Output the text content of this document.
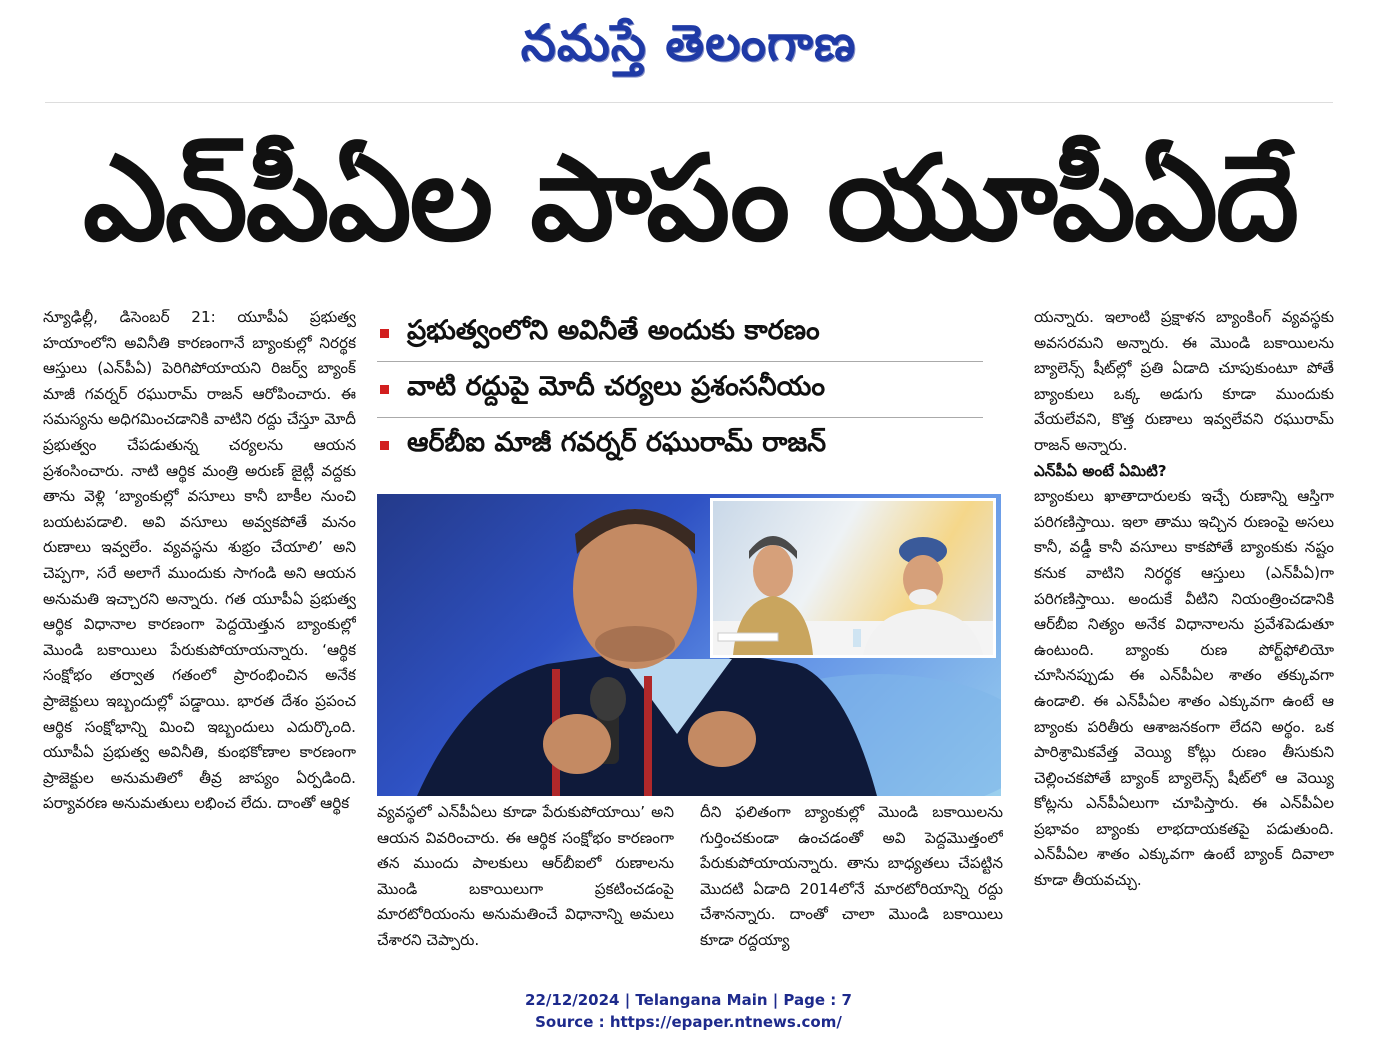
నమస్తే తెలంగాణ
ఎన్‌పీఏల పాపం యూపీఏదే

న్యూఢిల్లీ, డిసెంబర్‌ 21: యూపీఏ ప్రభుత్వ హయాంలోని అవినీతి కారణంగానే బ్యాంకుల్లో నిరర్థక ఆస్తులు (ఎన్‌పీఏ) పెరిగిపోయాయని రిజర్వ్‌ బ్యాంక్‌ మాజీ గవర్నర్‌ రఘురామ్‌ రాజన్‌ ఆరోపించారు. ఈ సమస్యను అధిగమించడానికి వాటిని రద్దు చేస్తూ మోదీ ప్రభుత్వం చేపడుతున్న చర్యలను ఆయన ప్రశంసించారు. నాటి ఆర్థిక మంత్రి అరుణ్‌ జైట్లీ వద్దకు తాను వెళ్లి ‘బ్యాంకుల్లో వసూలు కానీ బాకీల నుంచి బయటపడాలి. అవి వసూలు అవ్వకపోతే మనం రుణాలు ఇవ్వలేం. వ్యవస్థను శుభ్రం చేయాలి’ అని చెప్పగా, సరే అలాగే ముందుకు సాగండి అని ఆయన అనుమతి ఇచ్చారని అన్నారు. గత యూపీఏ ప్రభుత్వ ఆర్థిక విధానాల కారణంగా పెద్దయెత్తున బ్యాంకుల్లో మొండి బకాయిలు పేరుకుపోయాయన్నారు. ‘ఆర్థిక సంక్షోభం తర్వాత గతంలో ప్రారంభించిన అనేక ప్రాజెక్టులు ఇబ్బందుల్లో పడ్డాయి. భారత దేశం ప్రపంచ ఆర్థిక సంక్షోభాన్ని మించి ఇబ్బందులు ఎదుర్కొంది. యూపీఏ ప్రభుత్వ అవినీతి, కుంభకోణాల కారణంగా ప్రాజెక్టుల అనుమతిలో తీవ్ర జాప్యం ఏర్పడింది. పర్యావరణ అనుమతులు లభించ లేదు. దాంతో ఆర్థిక

ప్రభుత్వంలోని అవినీతే అందుకు కారణం
వాటి రద్దుపై మోదీ చర్యలు ప్రశంసనీయం
ఆర్‌బీఐ మాజీ గవర్నర్‌ రఘురామ్‌ రాజన్‌

వ్యవస్థలో ఎన్‌పీఏలు కూడా పేరుకుపోయాయి’ అని ఆయన వివరించారు. ఈ ఆర్థిక సంక్షోభం కారణంగా తన ముందు పాలకులు ఆర్‌బీఐలో రుణాలను మొండి బకాయిలుగా ప్రకటించడంపై మారటోరియంను అనుమతించే విధానాన్ని అమలు చేశారని చెప్పారు.

దీని ఫలితంగా బ్యాంకుల్లో మొండి బకాయిలను గుర్తించకుండా ఉంచడంతో అవి పెద్దమొత్తంలో పేరుకుపోయాయన్నారు. తాను బాధ్యతలు చేపట్టిన మొదటి ఏడాది 2014లోనే మారటోరియాన్ని రద్దు చేశానన్నారు. దాంతో చాలా మొండి బకాయిలు కూడా రద్దయ్యా

యన్నారు. ఇలాంటి ప్రక్షాళన బ్యాంకింగ్‌ వ్యవస్థకు అవసరమని అన్నారు. ఈ మొండి బకాయిలను బ్యాలెన్స్‌ షీట్‌ల్లో ప్రతి ఏడాది చూపుకుంటూ పోతే బ్యాంకులు ఒక్క అడుగు కూడా ముందుకు వేయలేవని, కొత్త రుణాలు ఇవ్వలేవని రఘురామ్‌ రాజన్‌ అన్నారు.

ఎన్‌పీఏ అంటే ఏమిటి?

బ్యాంకులు ఖాతాదారులకు ఇచ్చే రుణాన్ని ఆస్తిగా పరిగణిస్తాయి. ఇలా తాము ఇచ్చిన రుణంపై అసలు కానీ, వడ్డీ కానీ వసూలు కాకపోతే బ్యాంకుకు నష్టం కనుక వాటిని నిరర్థక ఆస్తులు (ఎన్‌పీఏ)గా పరిగణిస్తాయి. అందుకే వీటిని నియంత్రించడానికి ఆర్‌బీఐ నిత్యం అనేక విధానాలను ప్రవేశపెడుతూ ఉంటుంది. బ్యాంకు రుణ పోర్ట్‌ఫోలియో చూసినప్పుడు ఈ ఎన్‌పీఏల శాతం తక్కువగా ఉండాలి. ఈ ఎన్‌పీఏల శాతం ఎక్కువగా ఉంటే ఆ బ్యాంకు పరితీరు ఆశాజనకంగా లేదని అర్థం. ఒక పారిశ్రామికవేత్త వెయ్యి కోట్లు రుణం తీసుకుని చెల్లించకపోతే బ్యాంక్‌ బ్యాలెన్స్‌ షీట్‌లో ఆ వెయ్యి కోట్లను ఎన్‌పీఏలుగా చూపిస్తారు. ఈ ఎన్‌పీఏల ప్రభావం బ్యాంకు లాభదాయకతపై పడుతుంది. ఎన్‌పీఏల శాతం ఎక్కువగా ఉంటే బ్యాంక్‌ దివాలా కూడా తీయవచ్చు.

22/12/2024 | Telangana Main | Page : 7
Source : https://epaper.ntnews.com/
